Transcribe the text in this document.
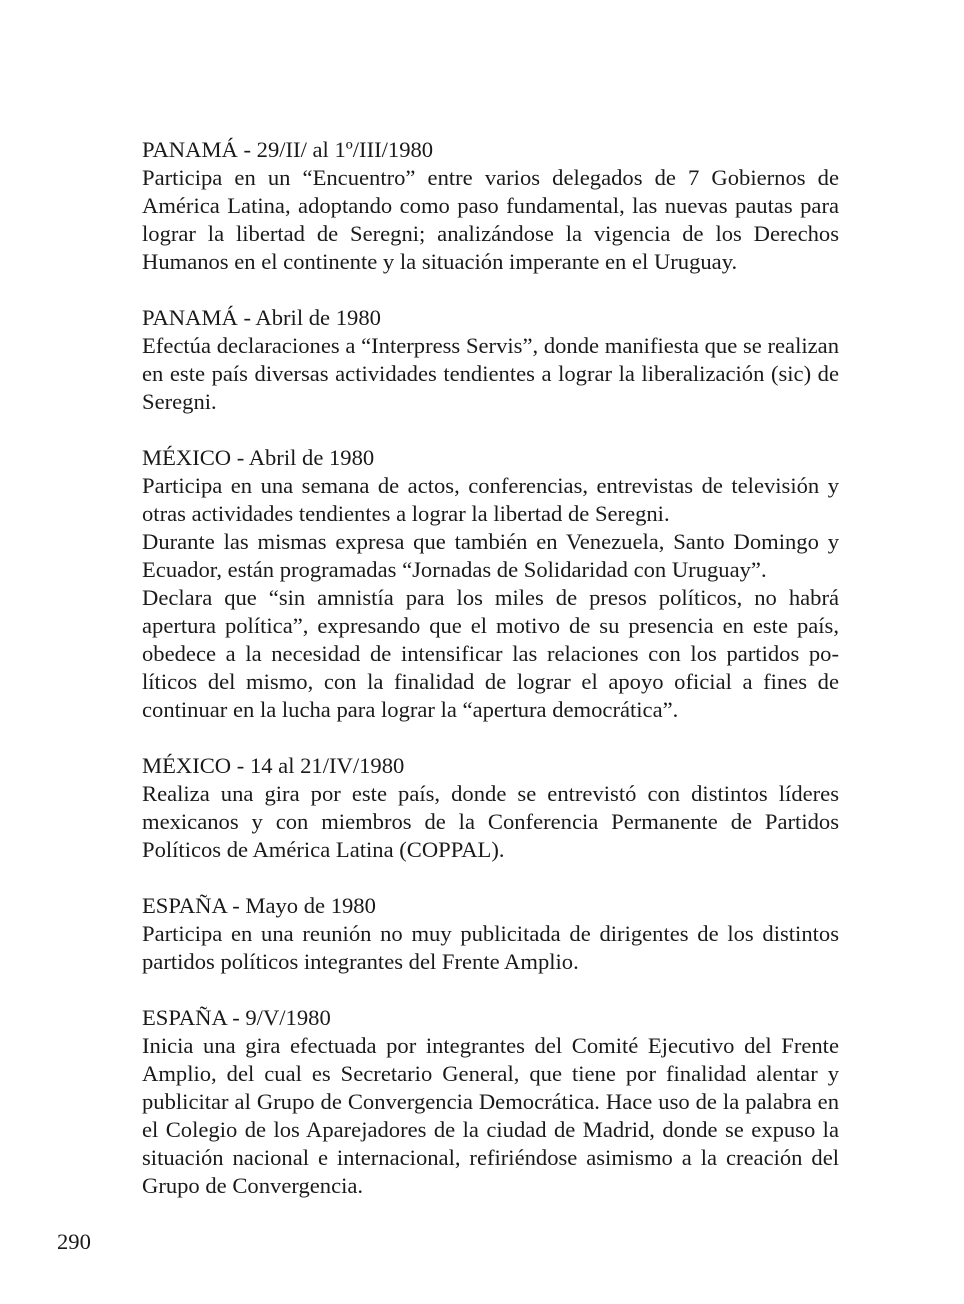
PANAMÁ - 29/II/ al 1º/III/1980

Participa en un “Encuentro” entre varios delegados de 7 Gobiernos de América Latina, adoptando como paso fundamental, las nuevas pautas para lograr la libertad de Seregni; analizándose la vigencia de los Derechos Humanos en el continente y la situación imperante en el Uruguay.

PANAMÁ - Abril de 1980

Efectúa declaraciones a “Interpress Servis”, donde manifiesta que se realizan en este país diversas actividades tendientes a lograr la liberalización (sic) de Seregni.

MÉXICO - Abril de 1980

Participa en una semana de actos, conferencias, entrevistas de televisión y otras actividades tendientes a lograr la libertad de Seregni.

Durante las mismas expresa que también en Venezuela, Santo Domingo y Ecuador, están programadas “Jornadas de Solidaridad con Uruguay”.

Declara que “sin amnistía para los miles de presos políticos, no habrá apertura política”, expresando que el motivo de su presencia en este país, obedece a la necesidad de intensificar las relaciones con los partidos políticos del mismo, con la finalidad de lograr el apoyo oficial a fines de continuar en la lucha para lograr la “apertura democrática”.

MÉXICO - 14 al 21/IV/1980

Realiza una gira por este país, donde se entrevistó con distintos líderes mexicanos y con miembros de la Conferencia Permanente de Partidos Políticos de América Latina (COPPAL).

ESPAÑA - Mayo de 1980

Participa en una reunión no muy publicitada de dirigentes de los distintos partidos políticos integrantes del Frente Amplio.

ESPAÑA - 9/V/1980

Inicia una gira efectuada por integrantes del Comité Ejecutivo del Frente Amplio, del cual es Secretario General, que tiene por finalidad alentar y publicitar al Grupo de Convergencia Democrática. Hace uso de la palabra en el Colegio de los Aparejadores de la ciudad de Madrid, donde se expuso la situación nacional e internacional, refiriéndose asimismo a la creación del Grupo de Convergencia.

290
